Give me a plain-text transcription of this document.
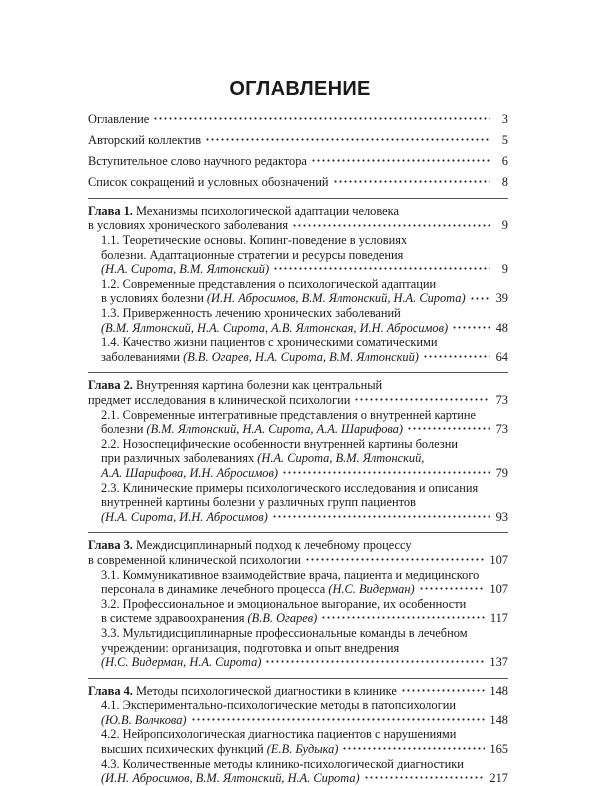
ОГЛАВЛЕНИЕ
Оглавление	3
Авторский коллектив	5
Вступительное слово научного редактора	6
Список сокращений и условных обозначений	8
Глава 1. Механизмы психологической адаптации человека
в условиях хронического заболевания	9
1.1. Теоретические основы. Копинг-поведение в условиях
болезни. Адаптационные стратегии и ресурсы поведения
(Н.А. Сирота, В.М. Ялтонский)	9
1.2. Современные представления о психологической адаптации
в условиях болезни (И.Н. Абросимов, В.М. Ялтонский, Н.А. Сирота) 39
1.3. Приверженность лечению хронических заболеваний
(В.М. Ялтонский, Н.А. Сирота, А.В. Ялтонская, И.Н. Абросимов)	48
1.4. Качество жизни пациентов с хроническими соматическими
заболеваниями (В.В. Огарев, Н.А. Сирота, В.М. Ялтонский)	64
Глава 2. Внутренняя картина болезни как центральный
предмет исследования в клинической психологии	73
2.1. Современные интегративные представления о внутренней картине
болезни (В.М. Ялтонский, Н.А. Сирота, А.А. Шарифова)	73
2.2. Нозоспецифические особенности внутренней картины болезни
при различных заболеваниях (Н.А. Сирота, В.М. Ялтонский,
А.А. Шарифова, И.Н. Абросимов)	79
2.3. Клинические примеры психологического исследования и описания
внутренней картины болезни у различных групп пациентов
(Н.А. Сирота, И.Н. Абросимов)	93
Глава 3. Междисциплинарный подход к лечебному процессу
в современной клинической психологии	107
3.1. Коммуникативное взаимодействие врача, пациента и медицинского
персонала в динамике лечебного процесса (Н.С. Видерман)	107
3.2. Профессиональное и эмоциональное выгорание, их особенности
в системе здравоохранения (В.В. Огарев)	117
3.3. Мультидисциплинарные профессиональные команды в лечебном
учреждении: организация, подготовка и опыт внедрения
(Н.С. Видерман, Н.А. Сирота)	137
Глава 4. Методы психологической диагностики в клинике	148
4.1. Экспериментально-психологические методы в патопсихологии
(Ю.В. Волчкова)	148
4.2. Нейропсихологическая диагностика пациентов с нарушениями
высших психических функций (Е.В. Будыка)	165
4.3. Количественные методы клинико-психологической диагностики
(И.Н. Абросимов, В.М. Ялтонский, Н.А. Сирота)	217
